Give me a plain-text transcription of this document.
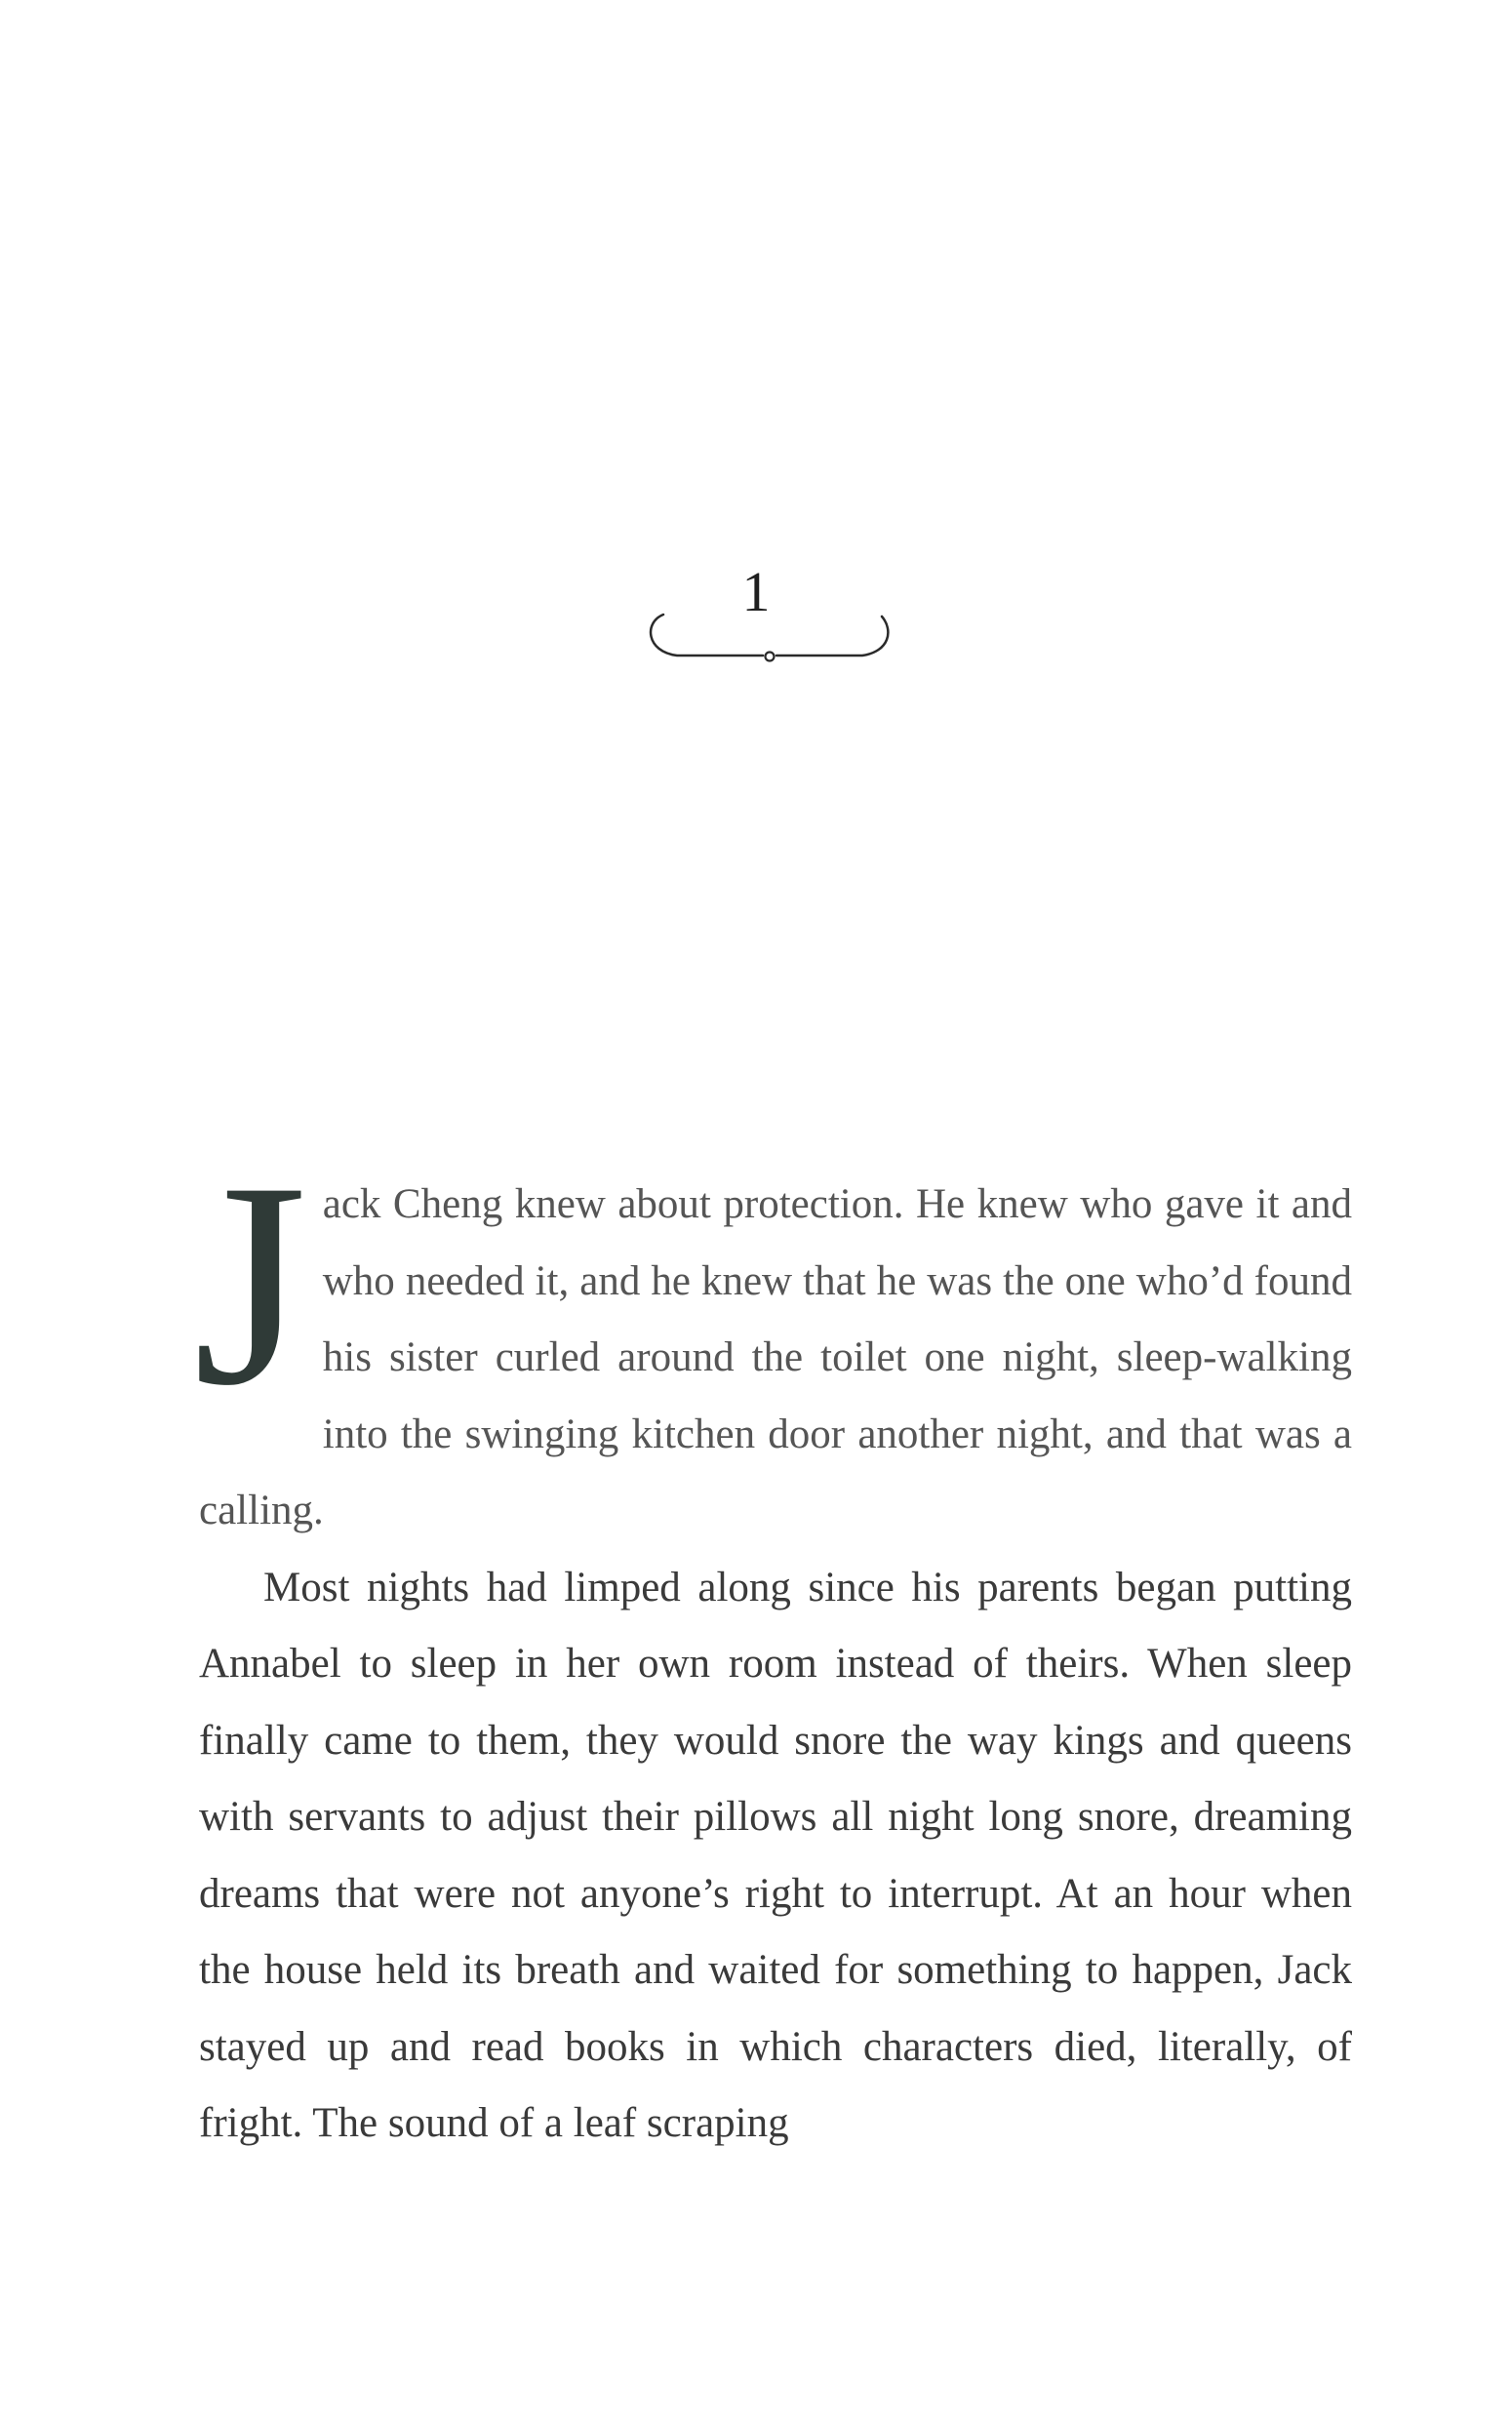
1

Jack Cheng knew about protection. He knew who gave it and who needed it, and he knew that he was the one who’d found his sister curled around the toilet one night, sleep-walking into the swinging kitchen door another night, and that was a calling.

Most nights had limped along since his parents began putting Annabel to sleep in her own room instead of theirs. When sleep finally came to them, they would snore the way kings and queens with servants to adjust their pillows all night long snore, dreaming dreams that were not anyone’s right to interrupt. At an hour when the house held its breath and waited for something to happen, Jack stayed up and read books in which characters died, literally, of fright. The sound of a leaf scraping
